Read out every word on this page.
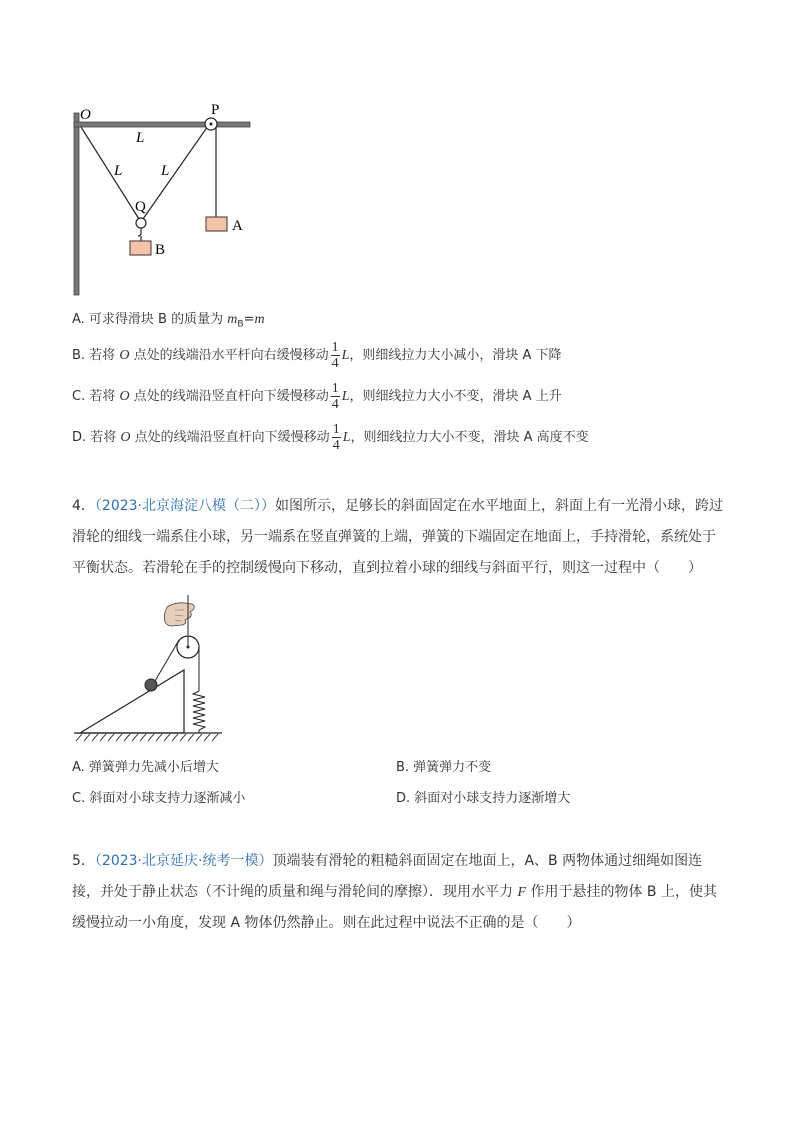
O	P
L
L	L
Q
A
B
A. 可求得滑块 B 的质量为 $m_B=m$
B. 若将 O 点处的线端沿水平杆向右缓慢移动 $\frac{1}{4}$ L，则细线拉力大小减小，滑块 A 下降
C. 若将 O 点处的线端沿竖直杆向下缓慢移动 $\frac{1}{4}$ L，则细线拉力大小不变，滑块 A 上升
D. 若将 O 点处的线端沿竖直杆向下缓慢移动 $\frac{1}{4}$ L，则细线拉力大小不变，滑块 A 高度不变
4．（2023·北京海淀八模（二））如图所示，足够长的斜面固定在水平地面上，斜面上有一光滑小球，跨过滑轮的细线一端系住小球，另一端系在竖直弹簧的上端，弹簧的下端固定在地面上，手持滑轮，系统处于平衡状态。若滑轮在手的控制缓慢向下移动，直到拉着小球的细线与斜面平行，则这一过程中（　　）
A. 弹簧弹力先减小后增大	B. 弹簧弹力不变
C. 斜面对小球支持力逐渐减小	D. 斜面对小球支持力逐渐增大
5．（2023·北京延庆·统考一模）顶端装有滑轮的粗糙斜面固定在地面上，A、B 两物体通过细绳如图连接，并处于静止状态（不计绳的质量和绳与滑轮间的摩擦）．现用水平力 F 作用于悬挂的物体 B 上，使其缓慢拉动一小角度，发现 A 物体仍然静止。则在此过程中说法不正确的是（　　）
